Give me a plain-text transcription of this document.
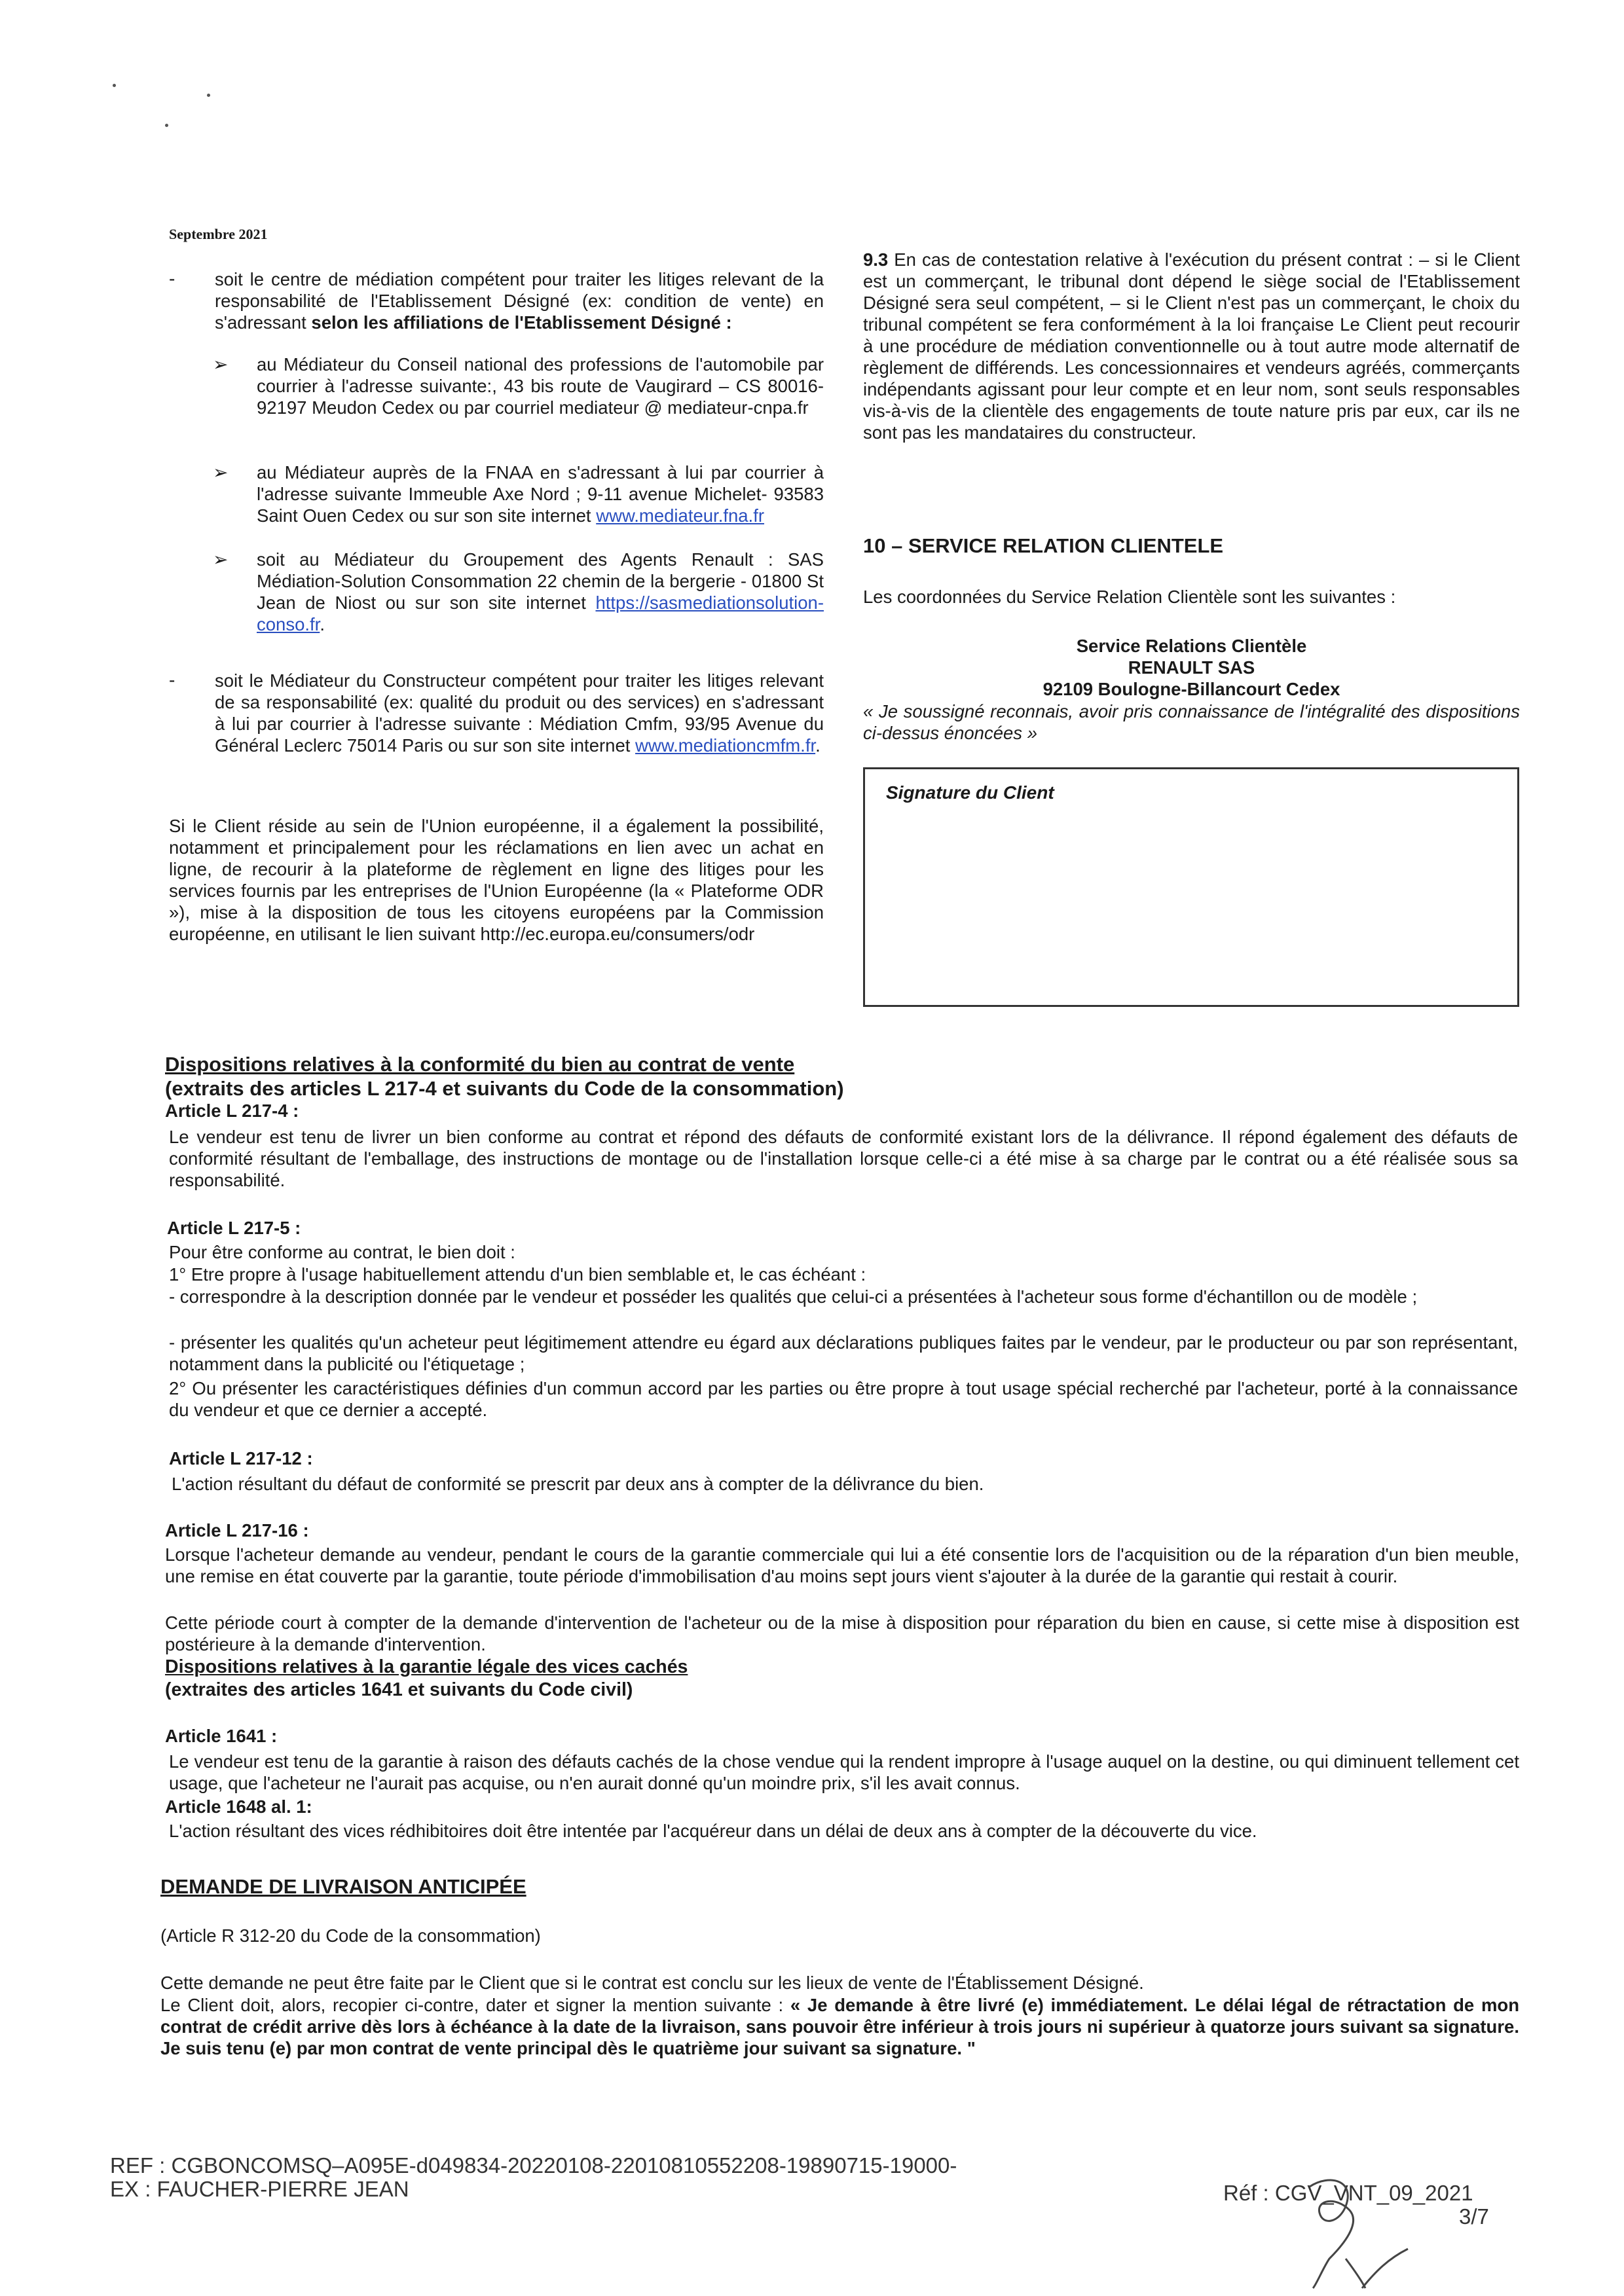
Septembre 2021
- soit le centre de médiation compétent pour traiter les litiges relevant de la responsabilité de l'Etablissement Désigné (ex: condition de vente) en s'adressant selon les affiliations de l'Etablissement Désigné :

➢ au Médiateur du Conseil national des professions de l'automobile par courrier à l'adresse suivante:, 43 bis route de Vaugirard – CS 80016- 92197 Meudon Cedex ou par courriel mediateur @ mediateur-cnpa.fr

➢ au Médiateur auprès de la FNAA en s'adressant à lui par courrier à l'adresse suivante Immeuble Axe Nord ; 9-11 avenue Michelet- 93583 Saint Ouen Cedex ou sur son site internet www.mediateur.fna.fr

➢ soit au Médiateur du Groupement des Agents Renault : SAS Médiation-Solution Consommation 22 chemin de la bergerie - 01800 St Jean de Niost ou sur son site internet https://sasmediationsolution-conso.fr.

- soit le Médiateur du Constructeur compétent pour traiter les litiges relevant de sa responsabilité (ex: qualité du produit ou des services) en s'adressant à lui par courrier à l'adresse suivante : Médiation Cmfm, 93/95 Avenue du Général Leclerc 75014 Paris ou sur son site internet www.mediationcmfm.fr.

Si le Client réside au sein de l'Union européenne, il a également la possibilité, notamment et principalement pour les réclamations en lien avec un achat en ligne, de recourir à la plateforme de règlement en ligne des litiges pour les services fournis par les entreprises de l'Union Européenne (la « Plateforme ODR »), mise à la disposition de tous les citoyens européens par la Commission européenne, en utilisant le lien suivant http://ec.europa.eu/consumers/odr

9.3 En cas de contestation relative à l'exécution du présent contrat : – si le Client est un commerçant, le tribunal dont dépend le siège social de l'Etablissement Désigné sera seul compétent, – si le Client n'est pas un commerçant, le choix du tribunal compétent se fera conformément à la loi française Le Client peut recourir à une procédure de médiation conventionnelle ou à tout autre mode alternatif de règlement de différends. Les concessionnaires et vendeurs agréés, commerçants indépendants agissant pour leur compte et en leur nom, sont seuls responsables vis-à-vis de la clientèle des engagements de toute nature pris par eux, car ils ne sont pas les mandataires du constructeur.

10 – SERVICE RELATION CLIENTELE

Les coordonnées du Service Relation Clientèle sont les suivantes :

Service Relations Clientèle
RENAULT SAS
92109 Boulogne-Billancourt Cedex

« Je soussigné reconnais, avoir pris connaissance de l'intégralité des dispositions ci-dessus énoncées »

Signature du Client
Dispositions relatives à la conformité du bien au contrat de vente
(extraits des articles L 217-4 et suivants du Code de la consommation)
Article L 217-4 :

Le vendeur est tenu de livrer un bien conforme au contrat et répond des défauts de conformité existant lors de la délivrance. Il répond également des défauts de conformité résultant de l'emballage, des instructions de montage ou de l'installation lorsque celle-ci a été mise à sa charge par le contrat ou a été réalisée sous sa responsabilité.

Article L 217-5 :

Pour être conforme au contrat, le bien doit :

1° Etre propre à l'usage habituellement attendu d'un bien semblable et, le cas échéant :

- correspondre à la description donnée par le vendeur et posséder les qualités que celui-ci a présentées à l'acheteur sous forme d'échantillon ou de modèle ;

- présenter les qualités qu'un acheteur peut légitimement attendre eu égard aux déclarations publiques faites par le vendeur, par le producteur ou par son représentant, notamment dans la publicité ou l'étiquetage ;

2° Ou présenter les caractéristiques définies d'un commun accord par les parties ou être propre à tout usage spécial recherché par l'acheteur, porté à la connaissance du vendeur et que ce dernier a accepté.

Article L 217-12 :

L'action résultant du défaut de conformité se prescrit par deux ans à compter de la délivrance du bien.

Article L 217-16 :

Lorsque l'acheteur demande au vendeur, pendant le cours de la garantie commerciale qui lui a été consentie lors de l'acquisition ou de la réparation d'un bien meuble, une remise en état couverte par la garantie, toute période d'immobilisation d'au moins sept jours vient s'ajouter à la durée de la garantie qui restait à courir.

Cette période court à compter de la demande d'intervention de l'acheteur ou de la mise à disposition pour réparation du bien en cause, si cette mise à disposition est postérieure à la demande d'intervention.

Dispositions relatives à la garantie légale des vices cachés
(extraites des articles 1641 et suivants du Code civil)
Article 1641 :

Le vendeur est tenu de la garantie à raison des défauts cachés de la chose vendue qui la rendent impropre à l'usage auquel on la destine, ou qui diminuent tellement cet usage, que l'acheteur ne l'aurait pas acquise, ou n'en aurait donné qu'un moindre prix, s'il les avait connus.

Article 1648 al. 1:

L'action résultant des vices rédhibitoires doit être intentée par l'acquéreur dans un délai de deux ans à compter de la découverte du vice.

DEMANDE DE LIVRAISON ANTICIPÉE

(Article R 312-20 du Code de la consommation)

Cette demande ne peut être faite par le Client que si le contrat est conclu sur les lieux de vente de l'Établissement Désigné.

Le Client doit, alors, recopier ci-contre, dater et signer la mention suivante : « Je demande à être livré (e) immédiatement. Le délai légal de rétractation de mon contrat de crédit arrive dès lors à échéance à la date de la livraison, sans pouvoir être inférieur à trois jours ni supérieur à quatorze jours suivant sa signature. Je suis tenu (e) par mon contrat de vente principal dès le quatrième jour suivant sa signature. "

REF : CGBONCOMSQ–A095E-d049834-20220108-22010810552208-19890715-19000-
EX : FAUCHER-PIERRE JEAN	Réf : CGV_VNT_09_2021
3/7
